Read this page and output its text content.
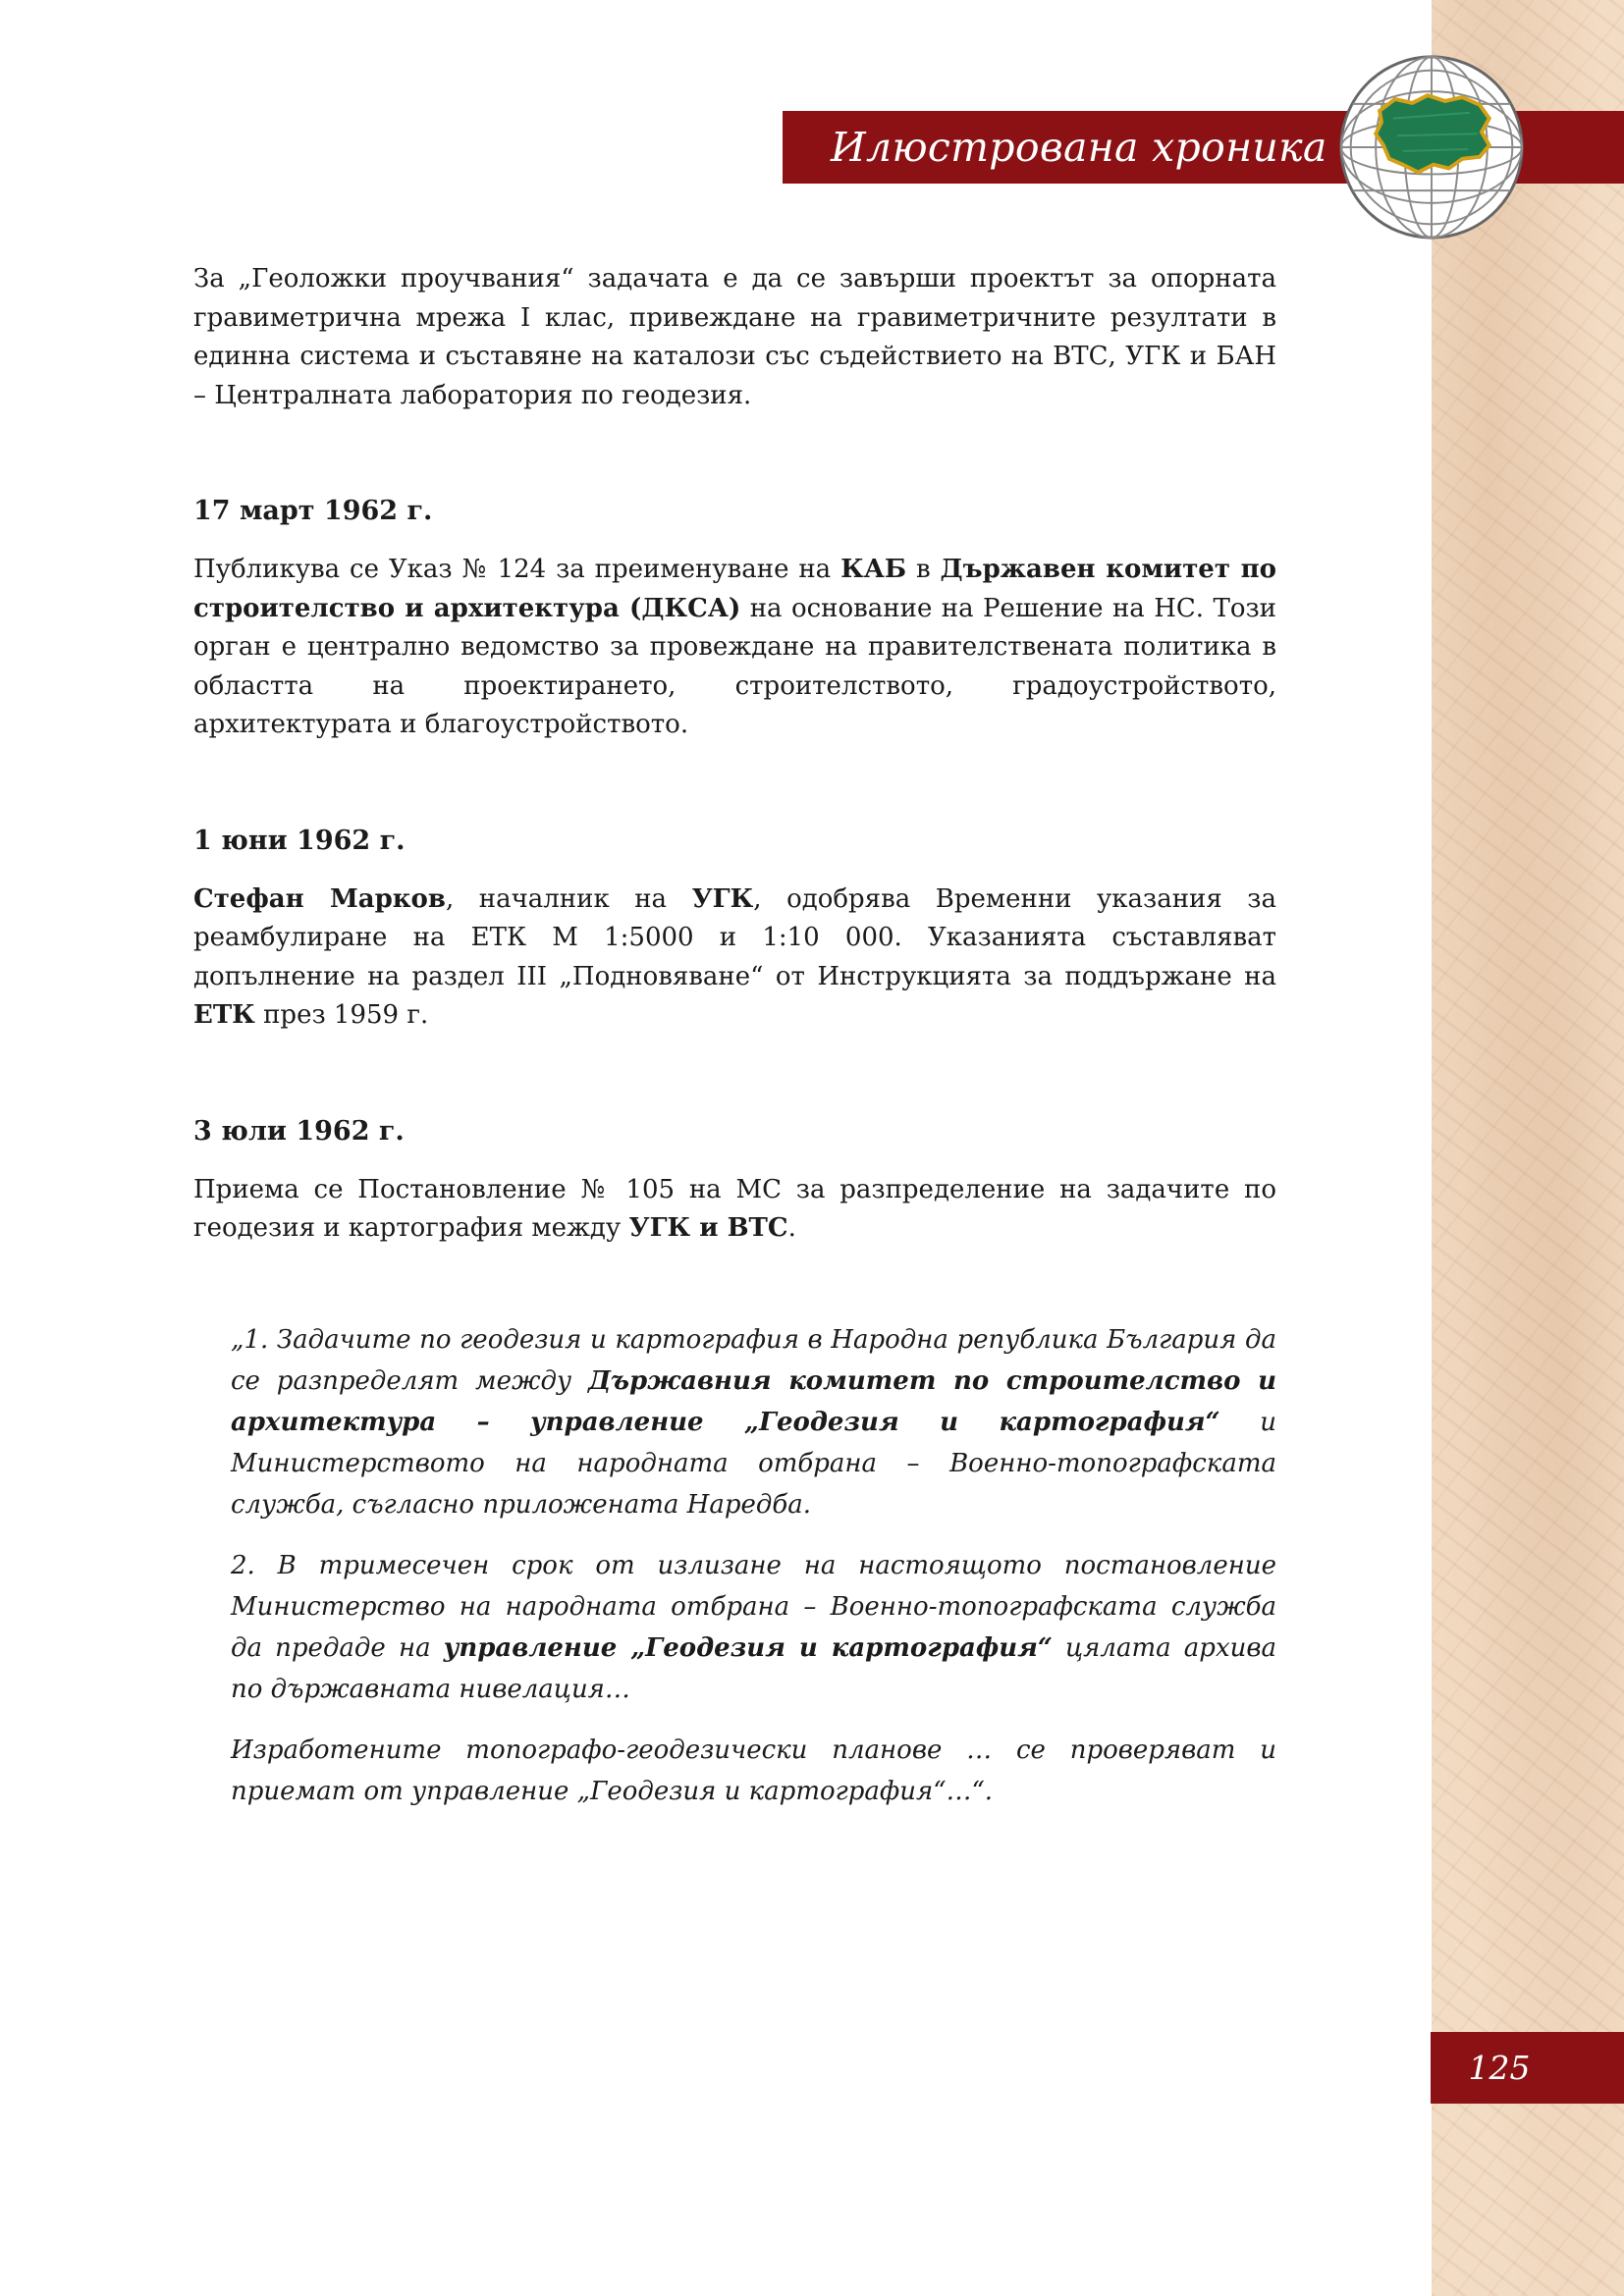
Илюстрована хроника

За „Геоложки проучвания“ задачата е да се завърши проектът за опорната гравиметрична мрежа I клас, привеждане на гравиметричните резултати в единна система и съставяне на каталози със съдействието на ВТС, УГК и БАН – Централната лаборатория по геодезия.

17 март 1962 г.

Публикува се Указ № 124 за преименуване на КАБ в Държавен комитет по строителство и архитектура (ДКСА) на основание на Решение на НС. Този орган е централно ведомство за провеждане на правителствената политика в областта на проектирането, строителството, градоустройството, архитектурата и благоустройството.

1 юни 1962 г.

Стефан Марков, началник на УГК, одобрява Временни указания за реамбулиране на ЕТК М 1:5000 и 1:10 000. Указанията съставляват допълнение на раздел III „Подновяване“ от Инструкцията за поддържане на ЕТК през 1959 г.

3 юли 1962 г.

Приема се Постановление № 105 на МС за разпределение на задачите по геодезия и картография между УГК и ВТС.

„1. Задачите по геодезия и картография в Народна република България да се разпределят между Държавния комитет по строителство и архитектура – управление „Геодезия и картография“ и Министерството на народната отбрана – Военно-топографската служба, съгласно приложената Наредба.

2. В тримесечен срок от излизане на настоящото постановление Министерство на народната отбрана – Военно-топографската служба да предаде на управление „Геодезия и картография“ цялата архива по държавната нивелация…

Изработените топографо-геодезически планове … се проверяват и приемат от управление „Геодезия и картография“…“.

125
